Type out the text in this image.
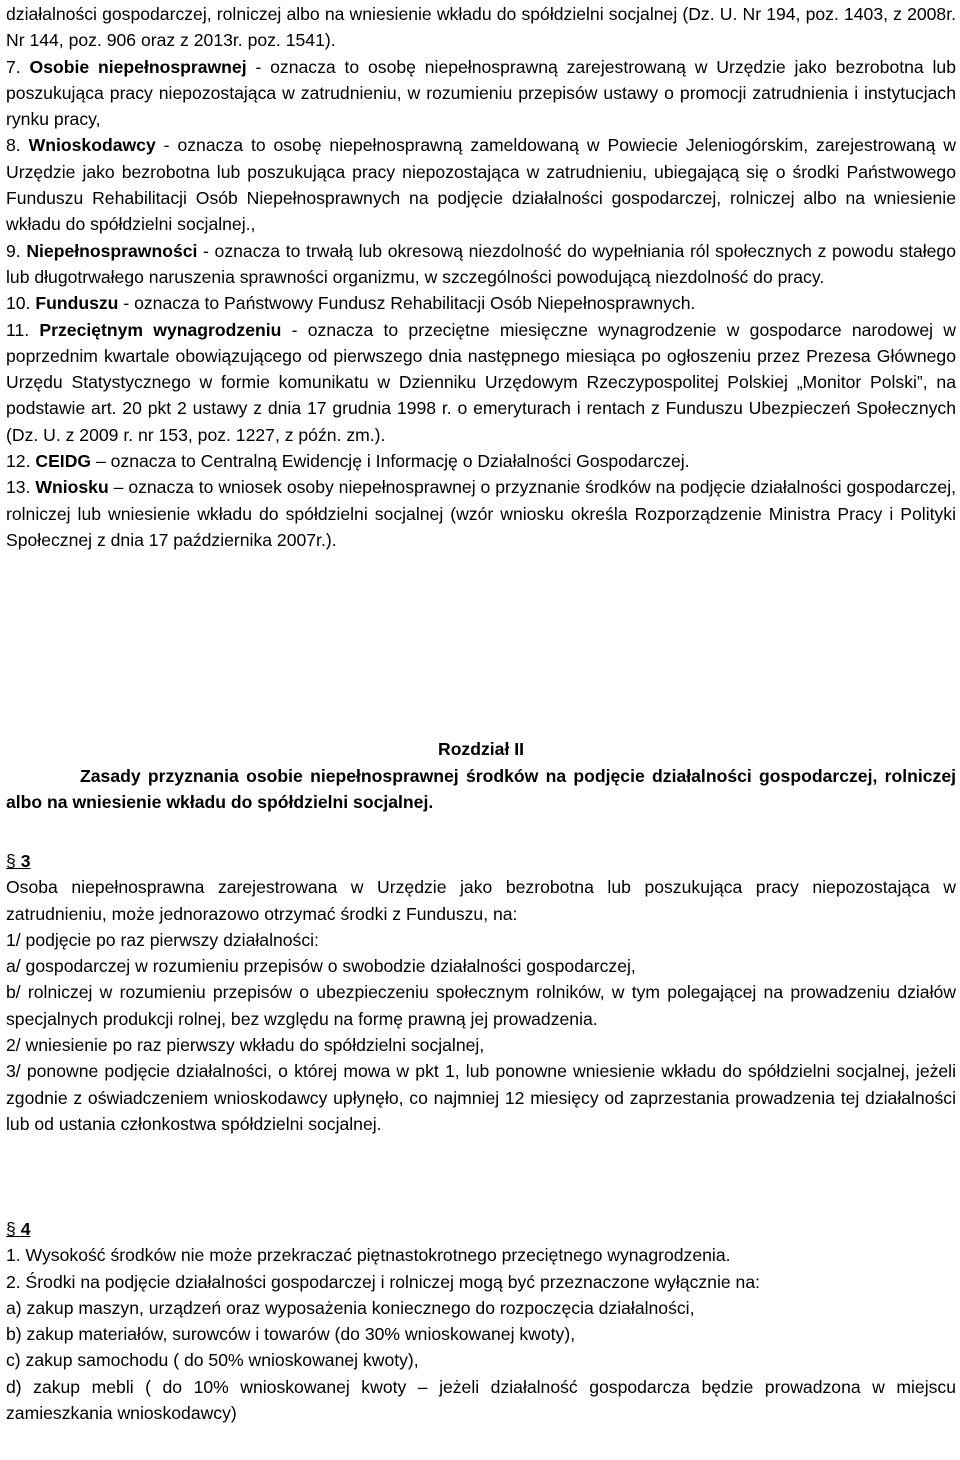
działalności gospodarczej, rolniczej albo na wniesienie wkładu do spółdzielni socjalnej (Dz. U. Nr 194, poz. 1403, z 2008r. Nr 144, poz. 906 oraz z 2013r. poz. 1541).

7. Osobie niepełnosprawnej - oznacza to osobę niepełnosprawną zarejestrowaną w Urzędzie jako bezrobotna lub poszukująca pracy niepozostająca w zatrudnieniu, w rozumieniu przepisów ustawy o promocji zatrudnienia i instytucjach rynku pracy,

8. Wnioskodawcy - oznacza to osobę niepełnosprawną zameldowaną w Powiecie Jeleniogórskim, zarejestrowaną w Urzędzie jako bezrobotna lub poszukująca pracy niepozostająca w zatrudnieniu, ubiegającą się o środki Państwowego Funduszu Rehabilitacji Osób Niepełnosprawnych na podjęcie działalności gospodarczej, rolniczej albo na wniesienie wkładu do spółdzielni socjalnej.,

9. Niepełnosprawności - oznacza to trwałą lub okresową niezdolność do wypełniania ról społecznych z powodu stałego lub długotrwałego naruszenia sprawności organizmu, w szczególności powodującą niezdolność do pracy.

10. Funduszu - oznacza to Państwowy Fundusz Rehabilitacji Osób Niepełnosprawnych.

11. Przeciętnym wynagrodzeniu - oznacza to przeciętne miesięczne wynagrodzenie w gospodarce narodowej w poprzednim kwartale obowiązującego od pierwszego dnia następnego miesiąca po ogłoszeniu przez Prezesa Głównego Urzędu Statystycznego w formie komunikatu w Dzienniku Urzędowym Rzeczypospolitej Polskiej „Monitor Polski”, na podstawie art. 20 pkt 2 ustawy z dnia 17 grudnia 1998 r. o emeryturach i rentach z Funduszu Ubezpieczeń Społecznych (Dz. U. z 2009 r. nr 153, poz. 1227, z późn. zm.).

12. CEIDG – oznacza to Centralną Ewidencję i Informację o Działalności Gospodarczej.

13. Wniosku – oznacza to wniosek osoby niepełnosprawnej o przyznanie środków na podjęcie działalności gospodarczej, rolniczej lub wniesienie wkładu do spółdzielni socjalnej (wzór wniosku określa Rozporządzenie Ministra Pracy i Polityki Społecznej z dnia 17 października 2007r.).

Rozdział II
Zasady przyznania osobie niepełnosprawnej środków na podjęcie działalności gospodarczej, rolniczej albo na wniesienie wkładu do spółdzielni socjalnej.

§ 3

Osoba niepełnosprawna zarejestrowana w Urzędzie jako bezrobotna lub poszukująca pracy niepozostająca w zatrudnieniu, może jednorazowo otrzymać środki z Funduszu, na:

1/ podjęcie po raz pierwszy działalności:

a/ gospodarczej w rozumieniu przepisów o swobodzie działalności gospodarczej,

b/ rolniczej w rozumieniu przepisów o ubezpieczeniu społecznym rolników, w tym polegającej na prowadzeniu działów specjalnych produkcji rolnej, bez względu na formę prawną jej prowadzenia.

2/ wniesienie po raz pierwszy wkładu do spółdzielni socjalnej,

3/ ponowne podjęcie działalności, o której mowa w pkt 1, lub ponowne wniesienie wkładu do spółdzielni socjalnej, jeżeli zgodnie z oświadczeniem wnioskodawcy upłynęło, co najmniej 12 miesięcy od zaprzestania prowadzenia tej działalności lub od ustania członkostwa spółdzielni socjalnej.

§ 4

1. Wysokość środków nie może przekraczać piętnastokrotnego przeciętnego wynagrodzenia.

2. Środki na podjęcie działalności gospodarczej i rolniczej mogą być przeznaczone wyłącznie na:

a) zakup maszyn, urządzeń oraz wyposażenia koniecznego do rozpoczęcia działalności,

b) zakup materiałów, surowców i towarów (do 30% wnioskowanej kwoty),

c) zakup samochodu ( do 50% wnioskowanej kwoty),

d) zakup mebli ( do 10% wnioskowanej kwoty – jeżeli działalność gospodarcza będzie prowadzona w miejscu zamieszkania wnioskodawcy)
